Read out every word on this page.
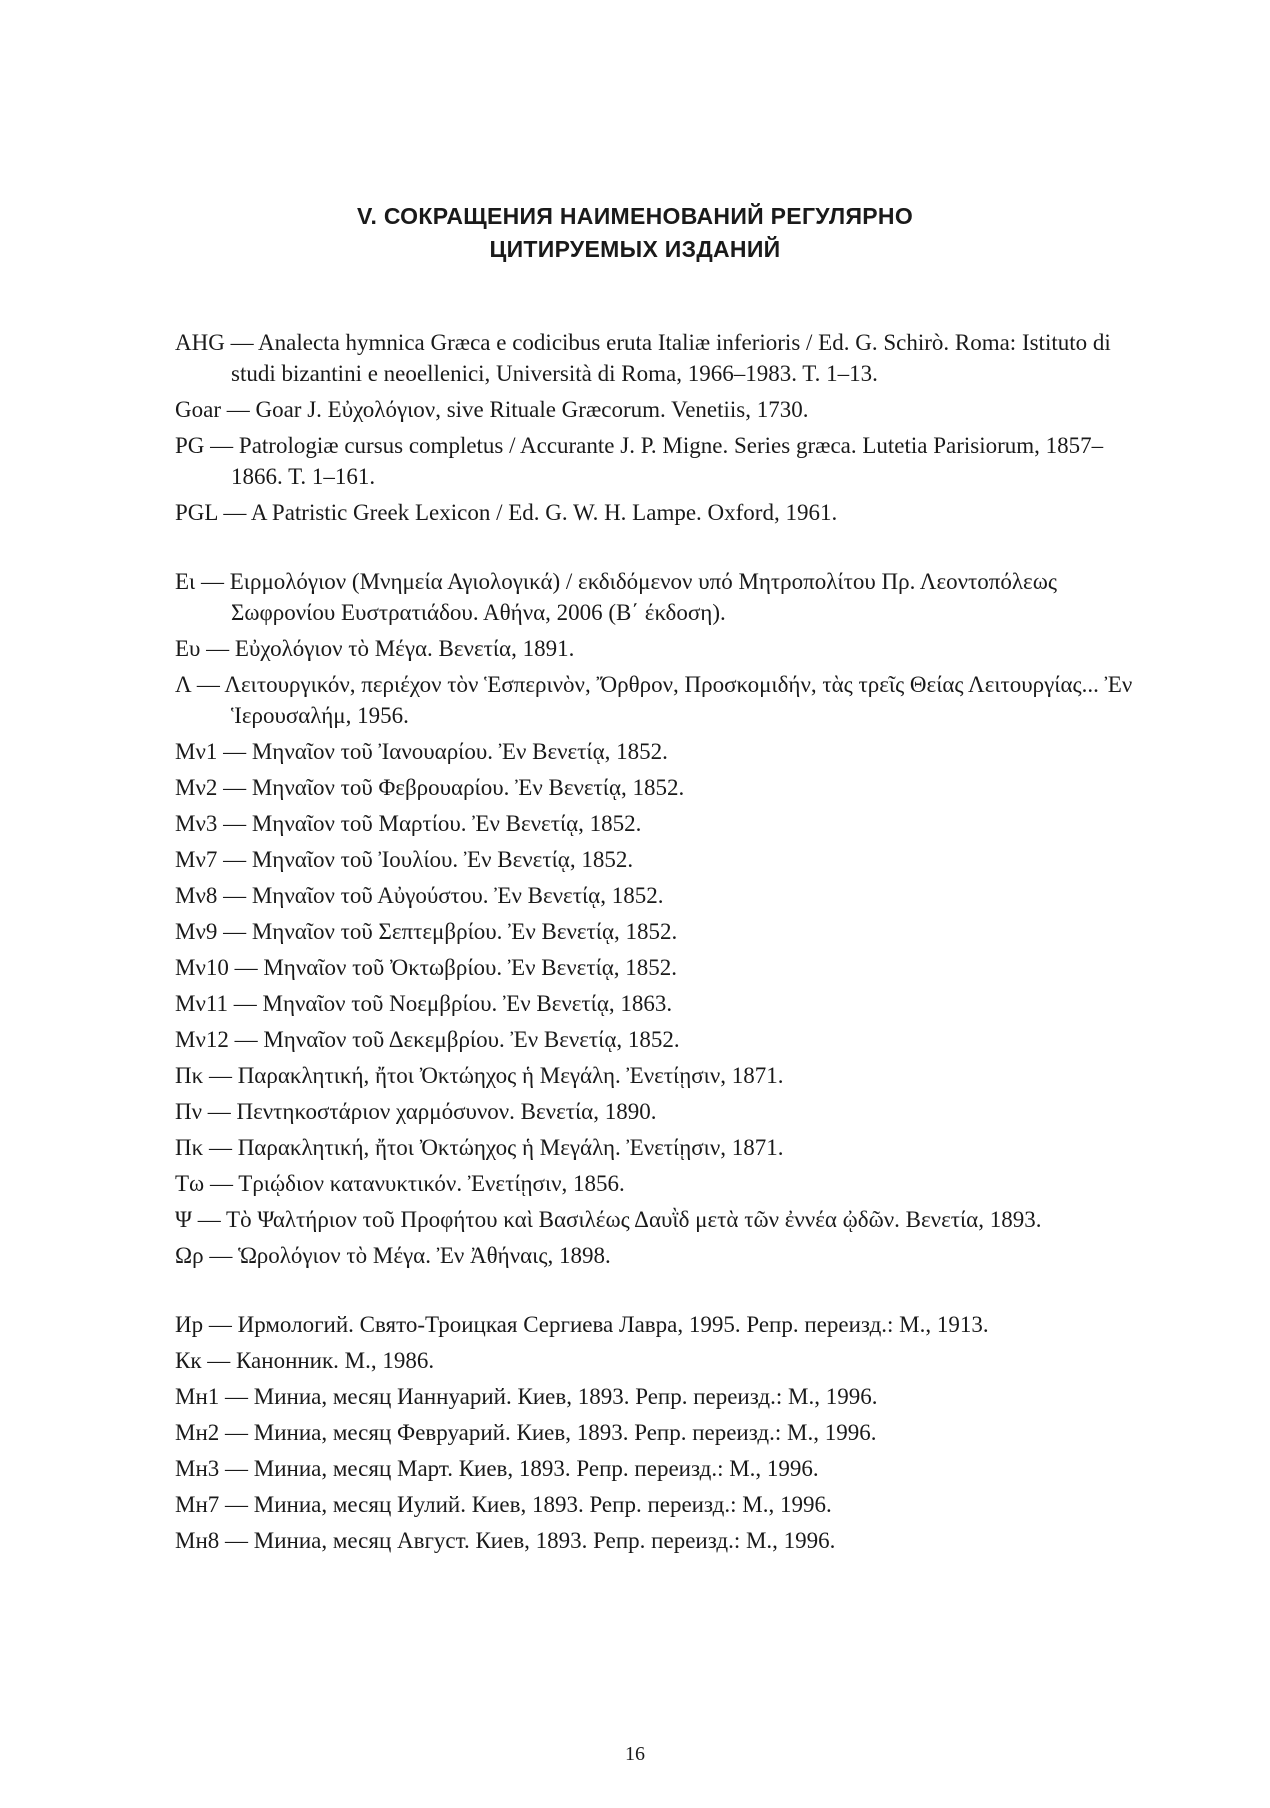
V. СОКРАЩЕНИЯ НАИМЕНОВАНИЙ РЕГУЛЯРНО
ЦИТИРУЕМЫХ ИЗДАНИЙ
AHG — Analecta hymnica Græca e codicibus eruta Italiæ inferioris / Ed. G. Schirò. Roma: Istituto di studi bizantini e neoellenici, Università di Roma, 1966–1983. T. 1–13.
Goar — Goar J. Εὐχολόγιον, sive Rituale Græcorum. Venetiis, 1730.
PG — Patrologiæ cursus completus / Accurante J. P. Migne. Series græca. Lutetia Parisiorum, 1857–1866. T. 1–161.
PGL — A Patristic Greek Lexicon / Ed. G. W. H. Lampe. Oxford, 1961.
Ει — Ειρμολόγιον (Μνημεία Αγιολογικά) / εκδιδόμενον υπό Μητροπολίτου Πρ. Λεοντοπόλεως Σωφρονίου Ευστρατιάδου. Αθήνα, 2006 (Β΄ έκδοση).
Ευ — Εὐχολόγιον τὸ Μέγα. Βενετία, 1891.
Λ — Λειτουργικόν, περιέχον τὸν Ἑσπερινὸν, Ὄρθρον, Προσκομιδήν, τὰς τρεῖς Θείας Λειτουργίας... Ἐν Ἱερουσαλήμ, 1956.
Μν1 — Μηναῖον τοῦ Ἰανουαρίου. Ἐν Βενετίᾳ, 1852.
Μν2 — Μηναῖον τοῦ Φεβρουαρίου. Ἐν Βενετίᾳ, 1852.
Μν3 — Μηναῖον τοῦ Μαρτίου. Ἐν Βενετίᾳ, 1852.
Μν7 — Μηναῖον τοῦ Ἰουλίου. Ἐν Βενετίᾳ, 1852.
Μν8 — Μηναῖον τοῦ Αὐγούστου. Ἐν Βενετίᾳ, 1852.
Μν9 — Μηναῖον τοῦ Σεπτεμβρίου. Ἐν Βενετίᾳ, 1852.
Μν10 — Μηναῖον τοῦ Ὀκτωβρίου. Ἐν Βενετίᾳ, 1852.
Μν11 — Μηναῖον τοῦ Νοεμβρίου. Ἐν Βενετίᾳ, 1863.
Μν12 — Μηναῖον τοῦ Δεκεμβρίου. Ἐν Βενετίᾳ, 1852.
Πκ — Παρακλητική, ἤτοι Ὀκτώηχος ἡ Μεγάλη. Ἐνετίῃσιν, 1871.
Πν — Πεντηκοστάριον χαρμόσυνον. Βενετία, 1890.
Πκ — Παρακλητική, ἤτοι Ὀκτώηχος ἡ Μεγάλη. Ἐνετίῃσιν, 1871.
Τω — Τριῴδιον κατανυκτικόν. Ἐνετίῃσιν, 1856.
Ψ — Τὸ Ψαλτήριον τοῦ Προφήτου καὶ Βασιλέως Δαυῒδ μετὰ τῶν ἐννέα ᾠδῶν. Βενετία, 1893.
Ωρ — Ὡρολόγιον τὸ Μέγα. Ἐν Ἀθήναις, 1898.
Ир — Ирмологий. Свято-Троицкая Сергиева Лавра, 1995. Репр. переизд.: М., 1913.
Кк — Канонник. М., 1986.
Мн1 — Миниа, месяц Ианнуарий. Киев, 1893. Репр. переизд.: М., 1996.
Мн2 — Миниа, месяц Февруарий. Киев, 1893. Репр. переизд.: М., 1996.
Мн3 — Миниа, месяц Март. Киев, 1893. Репр. переизд.: М., 1996.
Мн7 — Миниа, месяц Иулий. Киев, 1893. Репр. переизд.: М., 1996.
Мн8 — Миниа, месяц Август. Киев, 1893. Репр. переизд.: М., 1996.
16
